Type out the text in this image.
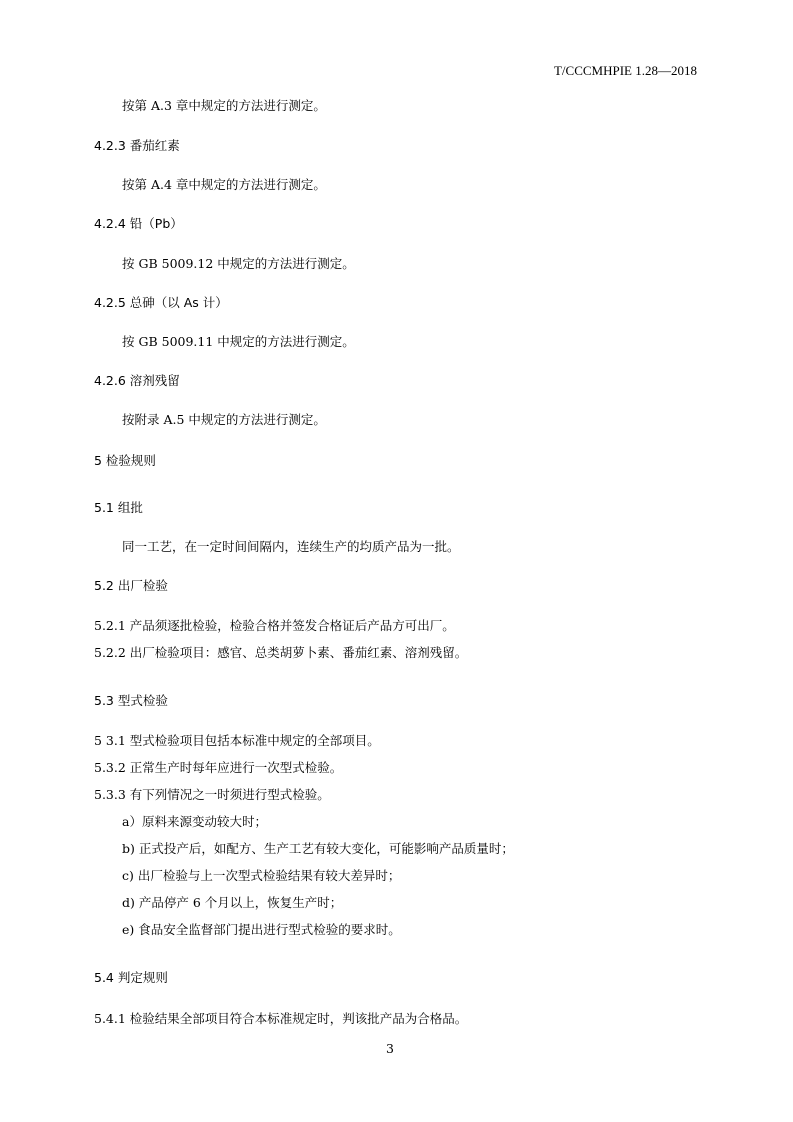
T/CCCMHPIE 1.28—2018
按第 A.3 章中规定的方法进行测定。
4.2.3 番茄红素
按第 A.4 章中规定的方法进行测定。
4.2.4 铅（Pb）
按 GB 5009.12 中规定的方法进行测定。
4.2.5 总砷（以 As 计）
按 GB 5009.11 中规定的方法进行测定。
4.2.6 溶剂残留
按附录 A.5 中规定的方法进行测定。
5 检验规则
5.1 组批
同一工艺，在一定时间间隔内，连续生产的均质产品为一批。
5.2 出厂检验
5.2.1 产品须逐批检验，检验合格并签发合格证后产品方可出厂。
5.2.2 出厂检验项目：感官、总类胡萝卜素、番茄红素、溶剂残留。
5.3 型式检验
5 3.1 型式检验项目包括本标准中规定的全部项目。
5.3.2 正常生产时每年应进行一次型式检验。
5.3.3 有下列情况之一时须进行型式检验。
a）原料来源变动较大时；
b) 正式投产后，如配方、生产工艺有较大变化，可能影响产品质量时；
c) 出厂检验与上一次型式检验结果有较大差异时；
d) 产品停产 6 个月以上，恢复生产时；
e) 食品安全监督部门提出进行型式检验的要求时。
5.4 判定规则
5.4.1 检验结果全部项目符合本标准规定时，判该批产品为合格品。
3
